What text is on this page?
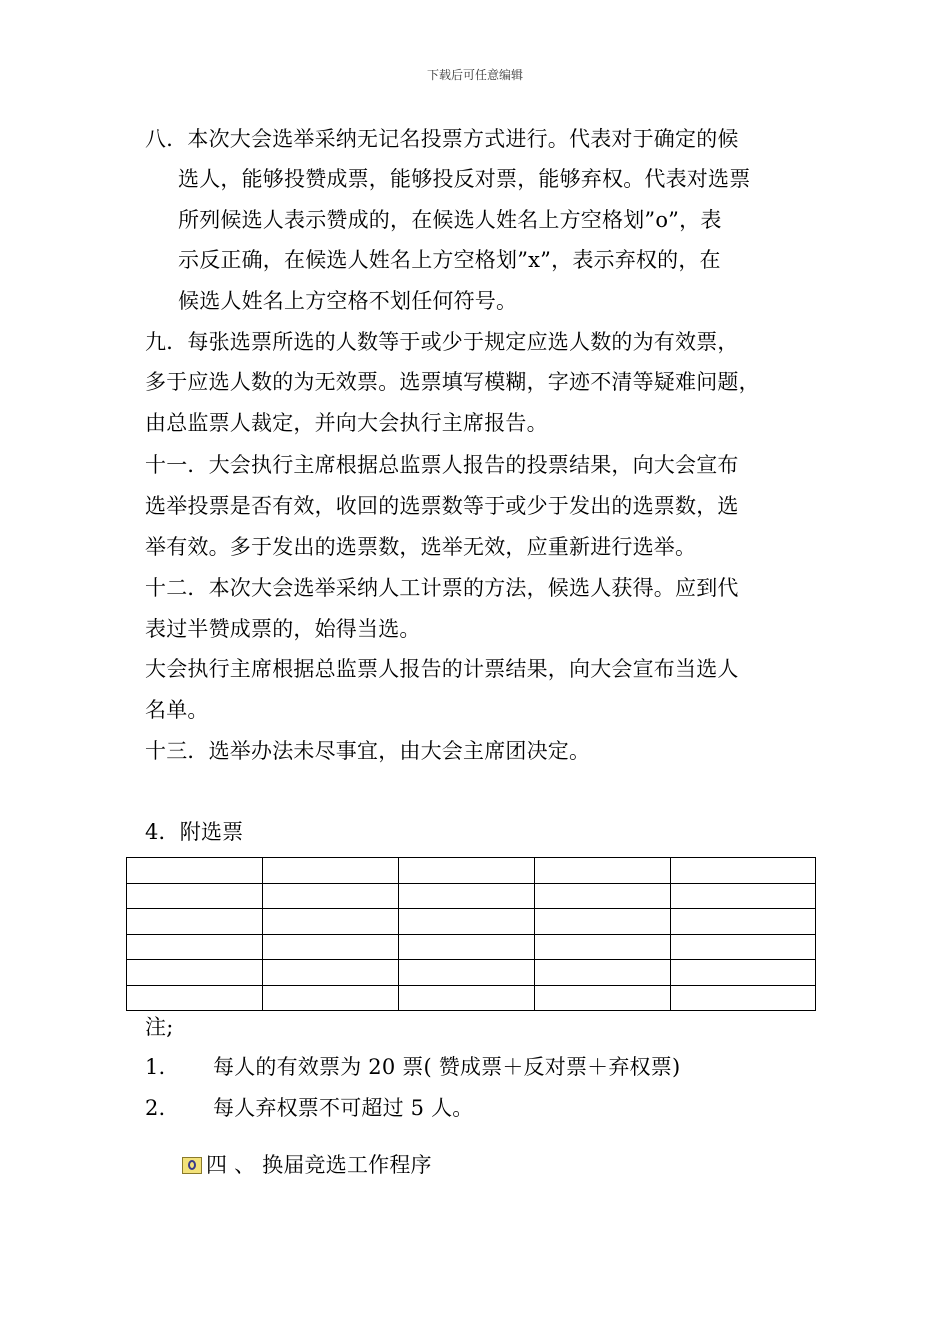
下载后可任意编辑
八．本次大会选举采纳无记名投票方式进行。代表对于确定的候
选人，能够投赞成票，能够投反对票，能够弃权。代表对选票
所列候选人表示赞成的，在候选人姓名上方空格划”o”，表
示反正确，在候选人姓名上方空格划”x”，表示弃权的，在
候选人姓名上方空格不划任何符号。
九．每张选票所选的人数等于或少于规定应选人数的为有效票，
多于应选人数的为无效票。选票填写模糊，字迹不清等疑难问题，
由总监票人裁定，并向大会执行主席报告。
十一．大会执行主席根据总监票人报告的投票结果，向大会宣布
选举投票是否有效，收回的选票数等于或少于发出的选票数，选
举有效。多于发出的选票数，选举无效，应重新进行选举。
十二．本次大会选举采纳人工计票的方法，候选人获得。应到代
表过半赞成票的，始得当选。
大会执行主席根据总监票人报告的计票结果，向大会宣布当选人
名单。
十三．选举办法未尽事宜，由大会主席团决定。
4．附选票

注;
1. 每人的有效票为 20 票( 赞成票＋反对票＋弃权票)
2. 每人弃权票不可超过 5 人。
四 、 换届竞选工作程序
